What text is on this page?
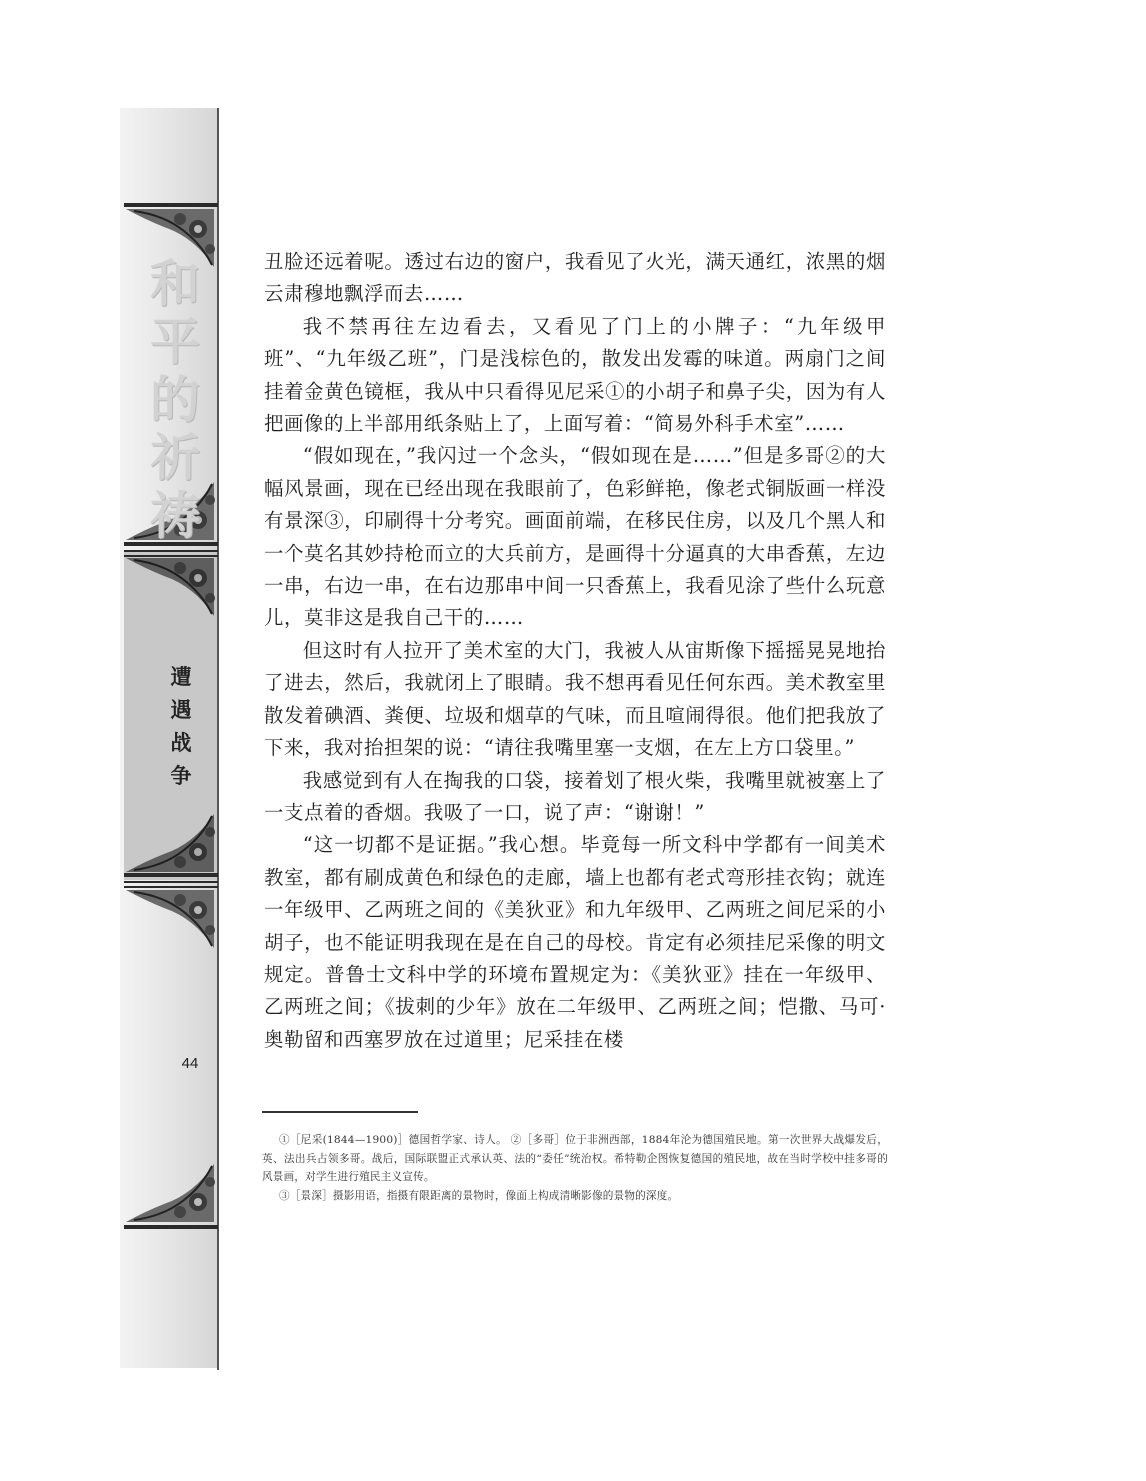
和
平
的
祈
祷
遭
遇
战
争
44

丑脸还远着呢。透过右边的窗户，我看见了火光，满天通红，浓黑的烟云肃穆地飘浮而去……

我不禁再往左边看去，又看见了门上的小牌子：“九年级甲班”、“九年级乙班”，门是浅棕色的，散发出发霉的味道。两扇门之间挂着金黄色镜框，我从中只看得见尼采①的小胡子和鼻子尖，因为有人把画像的上半部用纸条贴上了，上面写着：“简易外科手术室”……

“假如现在，”我闪过一个念头，“假如现在是……”但是多哥②的大幅风景画，现在已经出现在我眼前了，色彩鲜艳，像老式铜版画一样没有景深③，印刷得十分考究。画面前端，在移民住房，以及几个黑人和一个莫名其妙持枪而立的大兵前方，是画得十分逼真的大串香蕉，左边一串，右边一串，在右边那串中间一只香蕉上，我看见涂了些什么玩意儿，莫非这是我自己干的……

但这时有人拉开了美术室的大门，我被人从宙斯像下摇摇晃晃地抬了进去，然后，我就闭上了眼睛。我不想再看见任何东西。美术教室里散发着碘酒、粪便、垃圾和烟草的气味，而且喧闹得很。他们把我放了下来，我对抬担架的说：“请往我嘴里塞一支烟，在左上方口袋里。”

我感觉到有人在掏我的口袋，接着划了根火柴，我嘴里就被塞上了一支点着的香烟。我吸了一口，说了声：“谢谢！”

“这一切都不是证据。”我心想。毕竟每一所文科中学都有一间美术教室，都有刷成黄色和绿色的走廊，墙上也都有老式弯形挂衣钩；就连一年级甲、乙两班之间的《美狄亚》和九年级甲、乙两班之间尼采的小胡子，也不能证明我现在是在自己的母校。肯定有必须挂尼采像的明文规定。普鲁士文科中学的环境布置规定为：《美狄亚》挂在一年级甲、乙两班之间；《拔刺的少年》放在二年级甲、乙两班之间；恺撒、马可·奥勒留和西塞罗放在过道里；尼采挂在楼

①［尼采(1844—1900)］德国哲学家、诗人。 ②［多哥］位于非洲西部，1884年沦为德国殖民地。第一次世界大战爆发后，英、法出兵占领多哥。战后，国际联盟正式承认英、法的“委任”统治权。希特勒企图恢复德国的殖民地，故在当时学校中挂多哥的风景画，对学生进行殖民主义宣传。

③［景深］摄影用语，指摄有限距离的景物时，像面上构成清晰影像的景物的深度。
